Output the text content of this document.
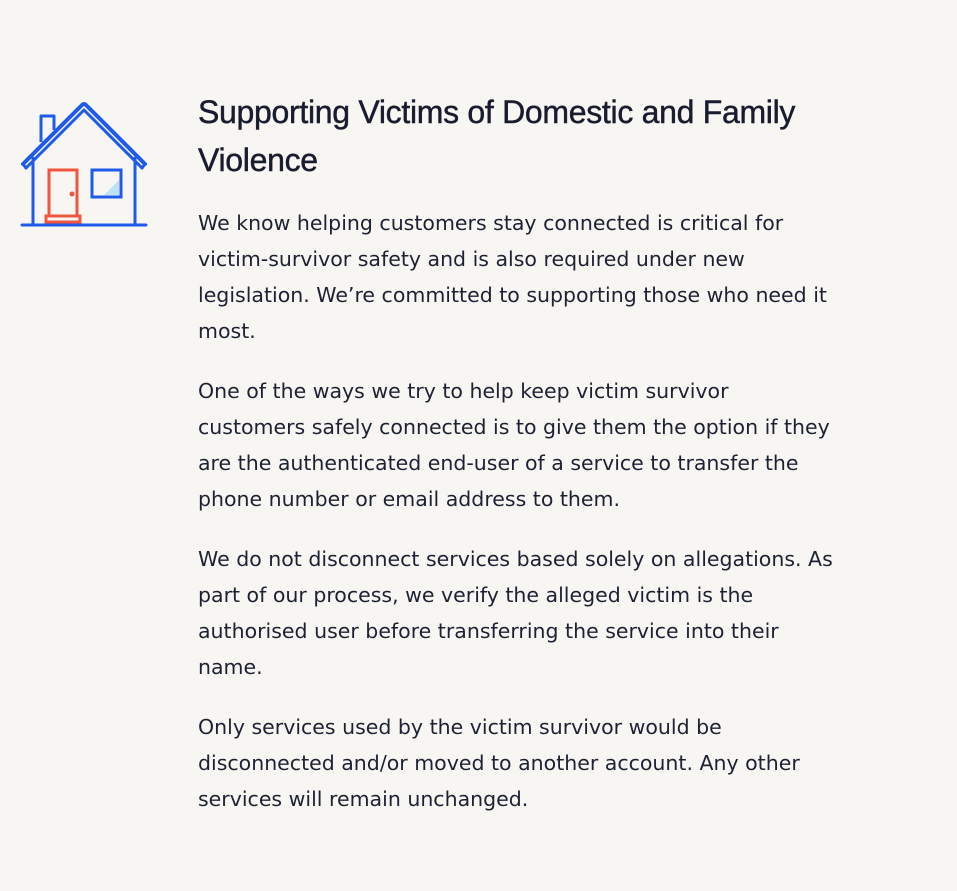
Supporting Victims of Domestic and Family Violence

We know helping customers stay connected is critical for victim-survivor safety and is also required under new legislation. We’re committed to supporting those who need it most.

One of the ways we try to help keep victim survivor customers safely connected is to give them the option if they are the authenticated end-user of a service to transfer the phone number or email address to them.

We do not disconnect services based solely on allegations. As part of our process, we verify the alleged victim is the authorised user before transferring the service into their name.

Only services used by the victim survivor would be disconnected and/or moved to another account. Any other services will remain unchanged.
